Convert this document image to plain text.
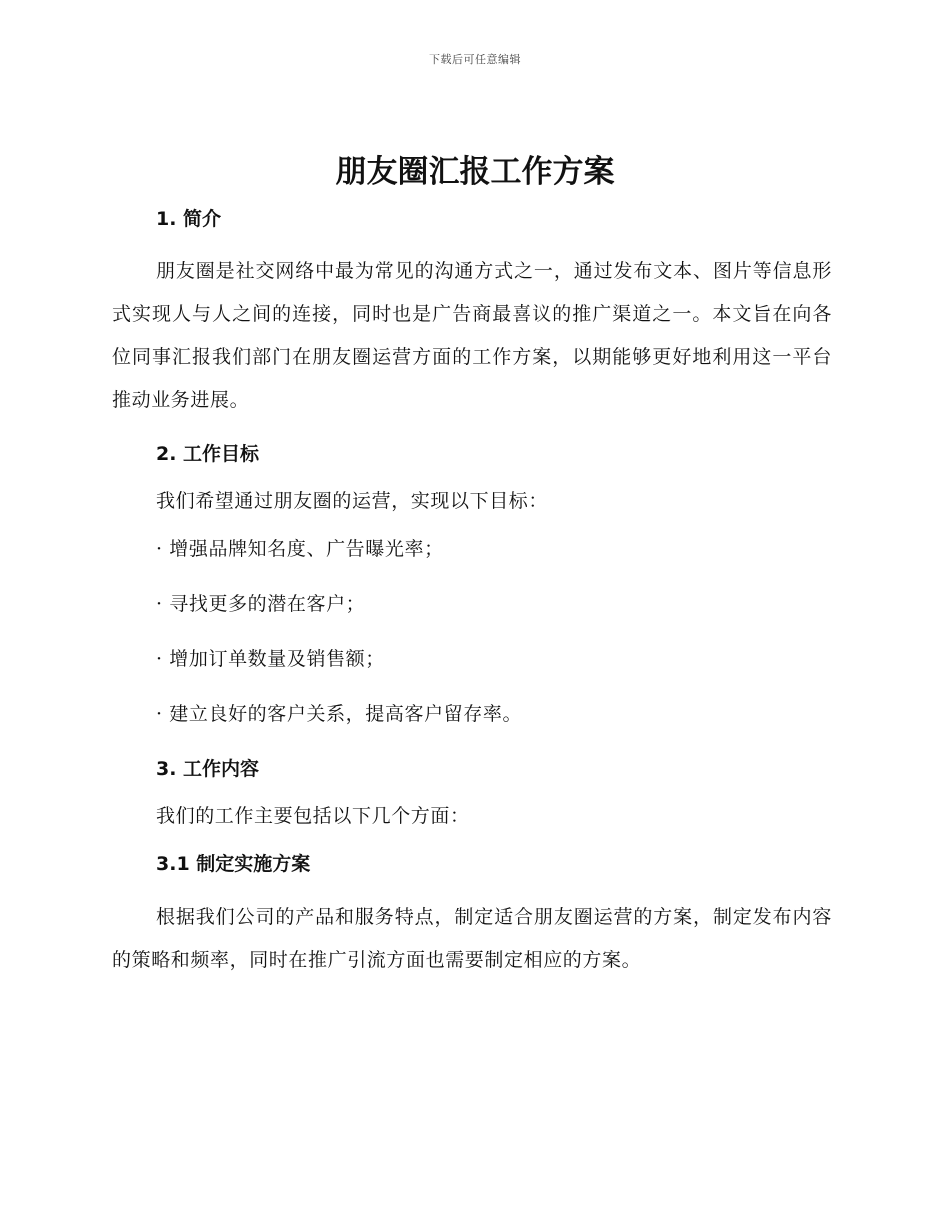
下载后可任意编辑
朋友圈汇报工作方案
1. 简介

朋友圈是社交网络中最为常见的沟通方式之一，通过发布文本、图片等信息形式实现人与人之间的连接，同时也是广告商最喜议的推广渠道之一。本文旨在向各位同事汇报我们部门在朋友圈运营方面的工作方案，以期能够更好地利用这一平台推动业务进展。

2. 工作目标

我们希望通过朋友圈的运营，实现以下目标：

· 增强品牌知名度、广告曝光率；

· 寻找更多的潜在客户；

· 增加订单数量及销售额；

· 建立良好的客户关系，提高客户留存率。

3. 工作内容

我们的工作主要包括以下几个方面：

3.1 制定实施方案

根据我们公司的产品和服务特点，制定适合朋友圈运营的方案，制定发布内容的策略和频率，同时在推广引流方面也需要制定相应的方案。
